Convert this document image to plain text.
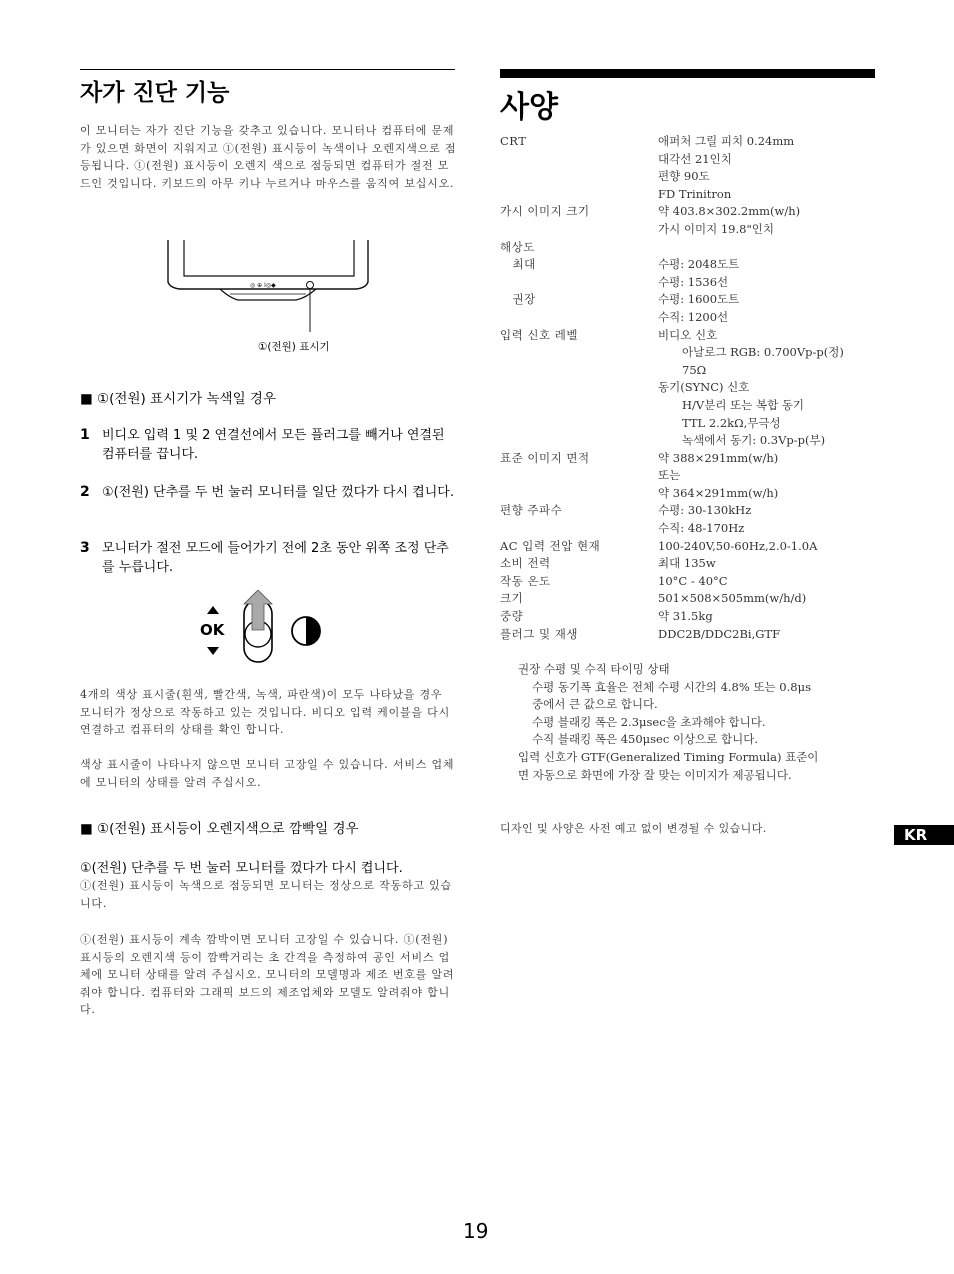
자가 진단 기능
이 모니터는 자가 진단 기능을 갖추고 있습니다. 모니터나 컴퓨터에 문제가 있으면 화면이 지워지고 ①(전원) 표시등이 녹색이나 오렌지색으로 점등됩니다. ①(전원) 표시등이 오렌지 색으로 점등되면 컴퓨터가 절전 모드인 것입니다. 키보드의 아무 키나 누르거나 마우스를 움직여 보십시오.
◎ ⊕ I◎◆
①(전원) 표시기
■ ①(전원) 표시기가 녹색일 경우
1 비디오 입력 1 및 2 연결선에서 모든 플러그를 빼거나 연결된 컴퓨터를 끕니다.
2 ①(전원) 단추를 두 번 눌러 모니터를 일단 껐다가 다시 켭니다.
3 모니터가 절전 모드에 들어가기 전에 2초 동안 위쪽 조정 단추를 누릅니다.
OK
4개의 색상 표시줄(흰색, 빨간색, 녹색, 파란색)이 모두 나타났을 경우 모니터가 정상으로 작동하고 있는 것입니다. 비디오 입력 케이블을 다시 연결하고 컴퓨터의 상태를 확인 합니다.
색상 표시줄이 나타나지 않으면 모니터 고장일 수 있습니다. 서비스 업체에 모니터의 상태를 알려 주십시오.
■ ①(전원) 표시등이 오렌지색으로 깜빡일 경우
①(전원) 단추를 두 번 눌러 모니터를 껐다가 다시 켭니다.
①(전원) 표시등이 녹색으로 점등되면 모니터는 정상으로 작동하고 있습니다.
①(전원) 표시등이 계속 깜박이면 모니터 고장일 수 있습니다. ①(전원) 표시등의 오렌지색 등이 깜빡거리는 초 간격을 측정하여 공인 서비스 업체에 모니터 상태를 알려 주십시오. 모니터의 모델명과 제조 번호를 알려줘야 합니다. 컴퓨터와 그래픽 보드의 제조업체와 모델도 알려줘야 합니다.
사양
CRT	애퍼처 그릴 피치 0.24mm
대각선 21인치
편향 90도
FD Trinitron
가시 이미지 크기	약 403.8×302.2mm(w/h)
가시 이미지 19.8"인치
해상도
최대	수평: 2048도트
수평: 1536선
권장	수평: 1600도트
수직: 1200선
입력 신호 레벨	비디오 신호
아날로그 RGB: 0.700Vp-p(정)
75Ω
동기(SYNC) 신호
H/V분리 또는 복합 동기
TTL 2.2kΩ,무극성
녹색에서 동기: 0.3Vp-p(부)
표준 이미지 면적	약 388×291mm(w/h)
또는
약 364×291mm(w/h)
편향 주파수	수평: 30-130kHz
수직: 48-170Hz
AC 입력 전압 현재	100-240V,50-60Hz,2.0-1.0A
소비 전력	최대 135w
작동 온도	10°C - 40°C
크기	501×508×505mm(w/h/d)
중량	약 31.5kg
플러그 및 재생	DDC2B/DDC2Bi,GTF
권장 수평 및 수직 타이밍 상태
수평 동기폭 효율은 전체 수평 시간의 4.8% 또는 0.8μs
중에서 큰 값으로 합니다.
수평 블래킹 폭은 2.3μsec을 초과해야 합니다.
수직 블래킹 폭은 450μsec 이상으로 합니다.
입력 신호가 GTF(Generalized Timing Formula) 표준이
면 자동으로 화면에 가장 잘 맞는 이미지가 제공됩니다.
디자인 및 사양은 사전 예고 없이 변경될 수 있습니다.	KR
19
